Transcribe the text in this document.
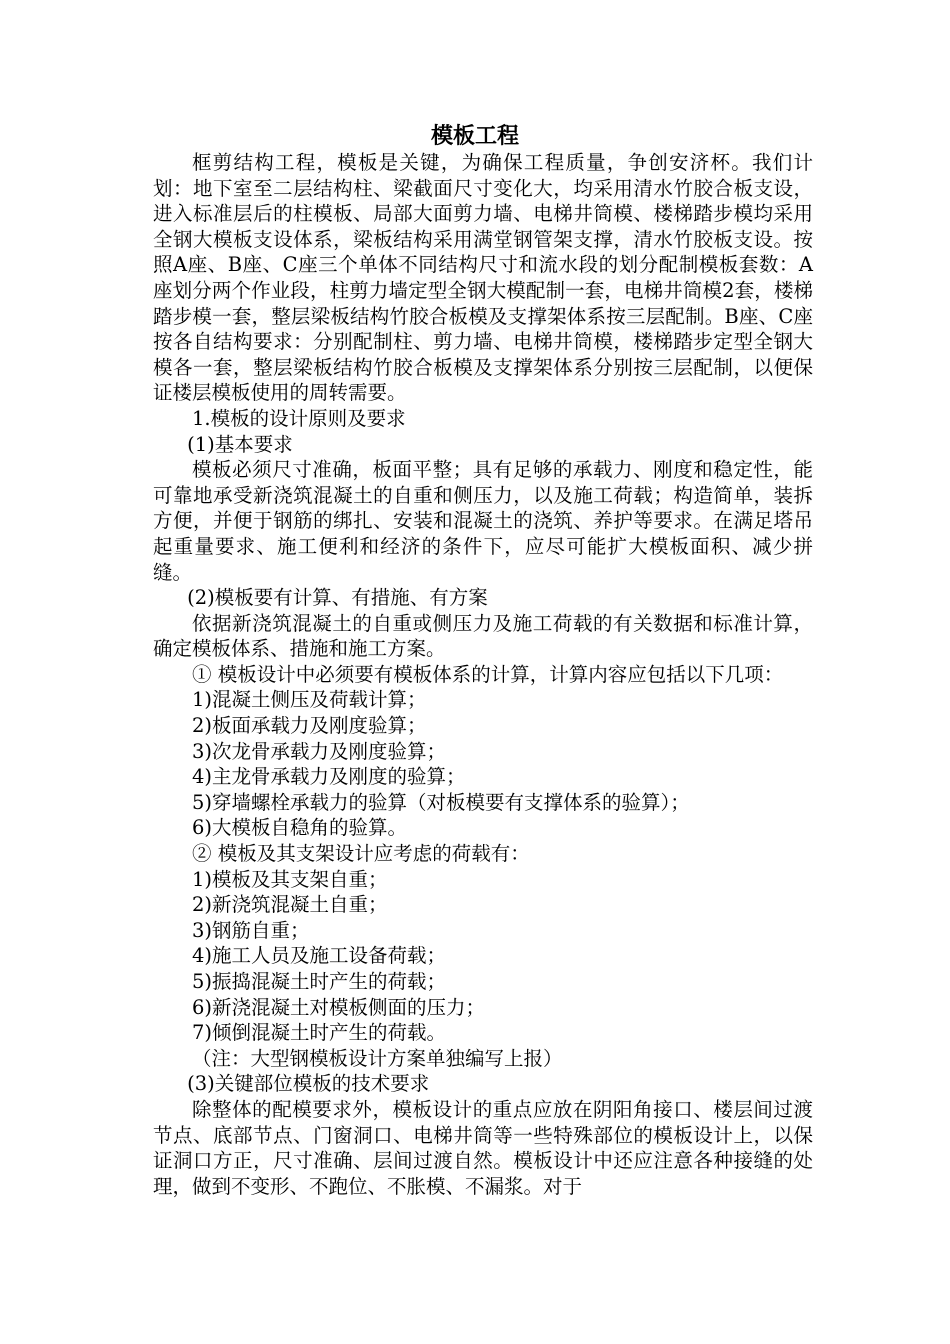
模板工程

框剪结构工程，模板是关键，为确保工程质量，争创安济杯。我们计划：地下室至二层结构柱、梁截面尺寸变化大，均采用清水竹胶合板支设，进入标准层后的柱模板、局部大面剪力墙、电梯井筒模、楼梯踏步模均采用全钢大模板支设体系，梁板结构采用满堂钢管架支撑，清水竹胶板支设。按照A座、B座、C座三个单体不同结构尺寸和流水段的划分配制模板套数：A座划分两个作业段，柱剪力墙定型全钢大模配制一套，电梯井筒模2套，楼梯踏步模一套，整层梁板结构竹胶合板模及支撑架体系按三层配制。B座、C座按各自结构要求：分别配制柱、剪力墙、电梯井筒模，楼梯踏步定型全钢大模各一套，整层梁板结构竹胶合板模及支撑架体系分别按三层配制，以便保证楼层模板使用的周转需要。

1.模板的设计原则及要求

(1)基本要求

模板必须尺寸准确，板面平整；具有足够的承载力、刚度和稳定性，能可靠地承受新浇筑混凝土的自重和侧压力，以及施工荷载；构造简单，装拆方便，并便于钢筋的绑扎、安装和混凝土的浇筑、养护等要求。在满足塔吊起重量要求、施工便利和经济的条件下，应尽可能扩大模板面积、减少拼缝。

(2)模板要有计算、有措施、有方案

依据新浇筑混凝土的自重或侧压力及施工荷载的有关数据和标准计算，确定模板体系、措施和施工方案。

① 模板设计中必须要有模板体系的计算，计算内容应包括以下几项：

1)混凝土侧压及荷载计算；

2)板面承载力及刚度验算；

3)次龙骨承载力及刚度验算；

4)主龙骨承载力及刚度的验算；

5)穿墙螺栓承载力的验算（对板模要有支撑体系的验算）；

6)大模板自稳角的验算。

② 模板及其支架设计应考虑的荷载有：

1)模板及其支架自重；

2)新浇筑混凝土自重；

3)钢筋自重；

4)施工人员及施工设备荷载；

5)振捣混凝土时产生的荷载；

6)新浇混凝土对模板侧面的压力；

7)倾倒混凝土时产生的荷载。

（注：大型钢模板设计方案单独编写上报）

(3)关键部位模板的技术要求

除整体的配模要求外，模板设计的重点应放在阴阳角接口、楼层间过渡节点、底部节点、门窗洞口、电梯井筒等一些特殊部位的模板设计上，以保证洞口方正，尺寸准确、层间过渡自然。模板设计中还应注意各种接缝的处理，做到不变形、不跑位、不胀模、不漏浆。对于
